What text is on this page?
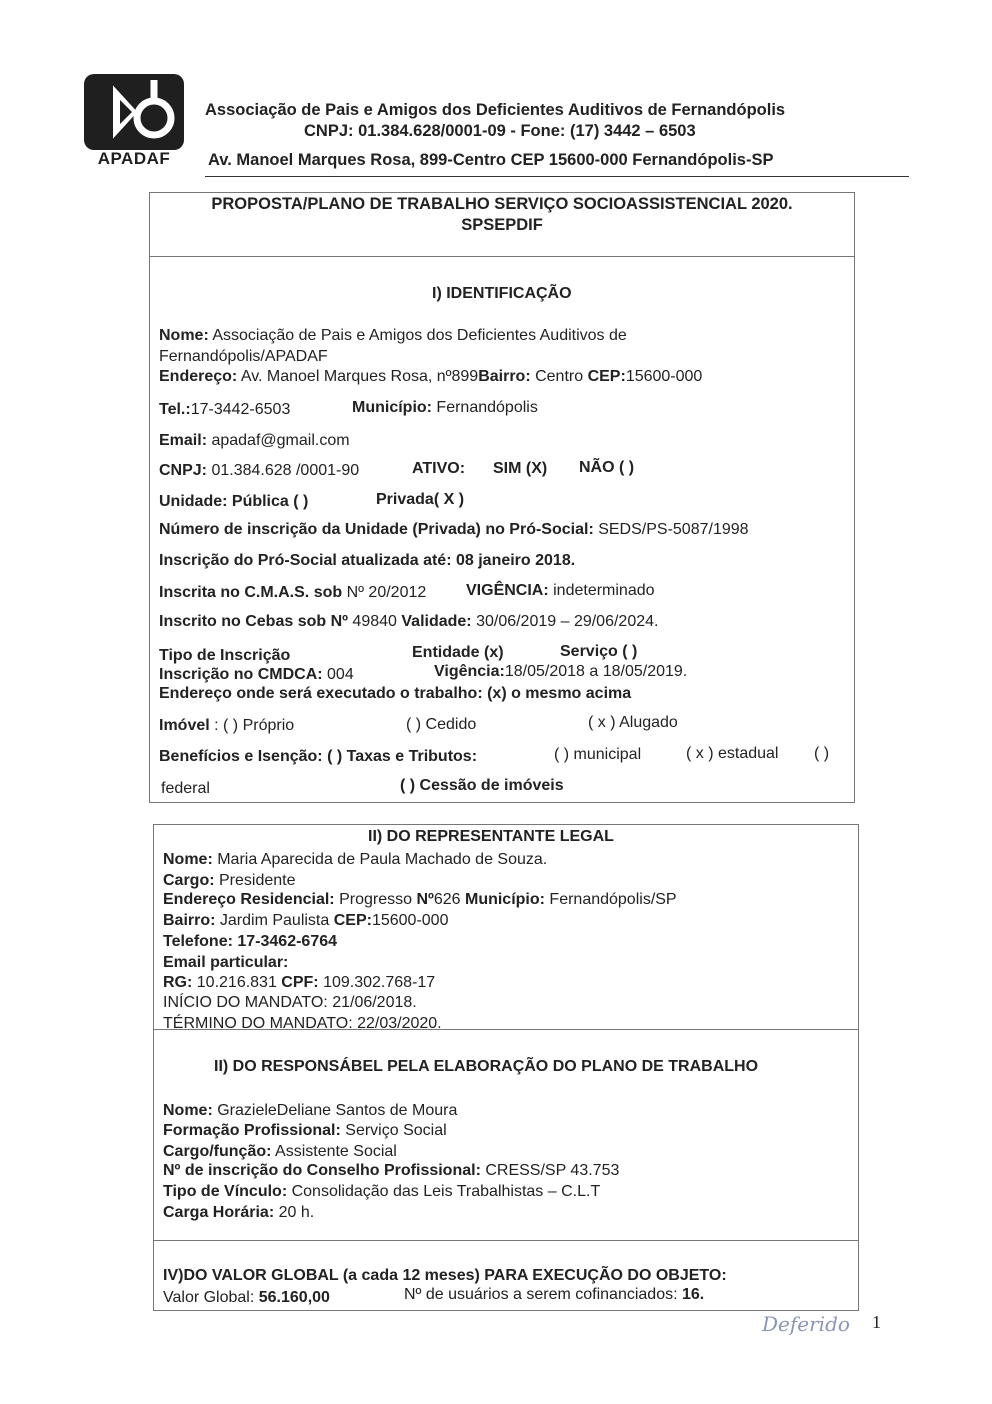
APADAF
Associação de Pais e Amigos dos Deficientes Auditivos de Fernandópolis
CNPJ: 01.384.628/0001-09 - Fone: (17) 3442 – 6503
Av. Manoel Marques Rosa, 899-Centro CEP 15600-000 Fernandópolis-SP
PROPOSTA/PLANO DE TRABALHO SERVIÇO SOCIOASSISTENCIAL 2020.
SPSEPDIF
I) IDENTIFICAÇÃO
Nome: Associação de Pais e Amigos dos Deficientes Auditivos de
Fernandópolis/APADAF
Endereço: Av. Manoel Marques Rosa, nº899Bairro: Centro CEP:15600-000
Tel.:17-3442-6503	Município: Fernandópolis
Email: apadaf@gmail.com
CNPJ: 01.384.628 /0001-90	ATIVO: SIM (X) NÃO ( )
Unidade: Pública ( )	Privada( X )
Número de inscrição da Unidade (Privada) no Pró-Social: SEDS/PS-5087/1998
Inscrição do Pró-Social atualizada até: 08 janeiro 2018.
Inscrita no C.M.A.S. sob Nº 20/2012 VIGÊNCIA: indeterminado
Inscrito no Cebas sob Nº 49840 Validade: 30/06/2019 – 29/06/2024.
Tipo de Inscrição	Entidade (x)	Serviço ( )
Inscrição no CMDCA: 004	Vigência:18/05/2018 a 18/05/2019.
Endereço onde será executado o trabalho: (x) o mesmo acima
Imóvel : ( ) Próprio	( ) Cedido	( x ) Alugado
Benefícios e Isenção: ( ) Taxas e Tributos:	( ) municipal	( x ) estadual ( )
federal	( ) Cessão de imóveis
II) DO REPRESENTANTE LEGAL
Nome: Maria Aparecida de Paula Machado de Souza.
Cargo: Presidente
Endereço Residencial: Progresso Nº626 Município: Fernandópolis/SP
Bairro: Jardim Paulista CEP:15600-000
Telefone: 17-3462-6764
Email particular:
RG: 10.216.831 CPF: 109.302.768-17
INÍCIO DO MANDATO: 21/06/2018.
TÉRMINO DO MANDATO: 22/03/2020.
II) DO RESPONSÁBEL PELA ELABORAÇÃO DO PLANO DE TRABALHO
Nome: GrazieleDeliane Santos de Moura
Formação Profissional: Serviço Social
Cargo/função: Assistente Social
Nº de inscrição do Conselho Profissional: CRESS/SP 43.753
Tipo de Vínculo: Consolidação das Leis Trabalhistas – C.L.T
Carga Horária: 20 h.
IV)DO VALOR GLOBAL (a cada 12 meses) PARA EXECUÇÃO DO OBJETO:
Valor Global: 56.160,00	Nº de usuários a serem cofinanciados: 16.
Deferido 1
